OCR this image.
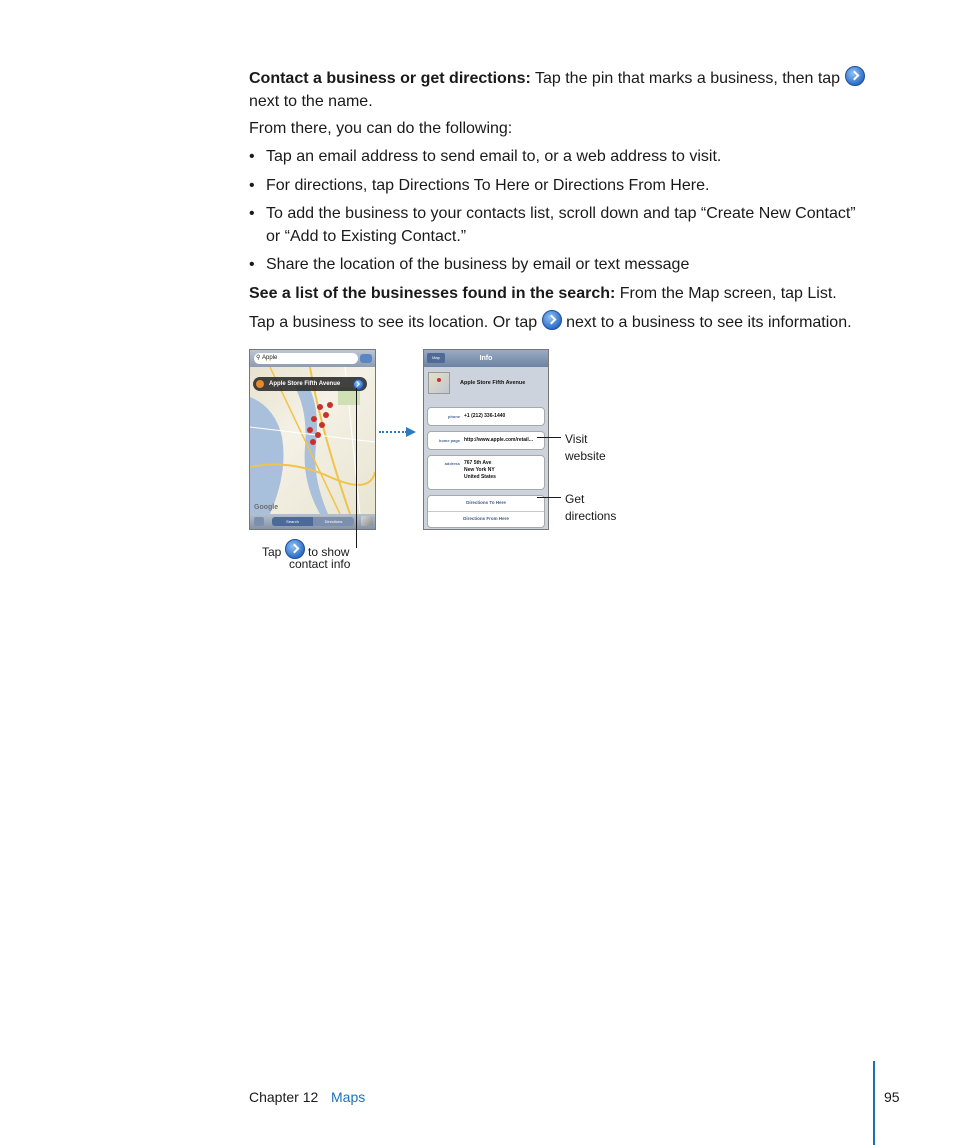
Contact a business or get directions: Tap the pin that marks a business, then tap
next to the name.

From there, you can do the following:

• Tap an email address to send email to, or a web address to visit.
• For directions, tap Directions To Here or Directions From Here.
• To add the business to your contacts list, scroll down and tap “Create New Contact” or “Add to Existing Contact.”
• Share the location of the business by email or text message

See a list of the businesses found in the search: From the Map screen, tap List.

Tap a business to see its location. Or tap next to a business to see its information.

⚲ Apple
Apple Store Fifth Avenue
Google
Search	Directions
Map	Info
Apple Store Fifth Avenue
phone +1 (212) 336-1440
home page http://www.apple.com/retail...
address 767 5th Ave
New York NY
United States
Directions To Here
Directions From Here
Visit
website
Get
directions
Tap to show
contact info
Chapter 12 Maps	95
